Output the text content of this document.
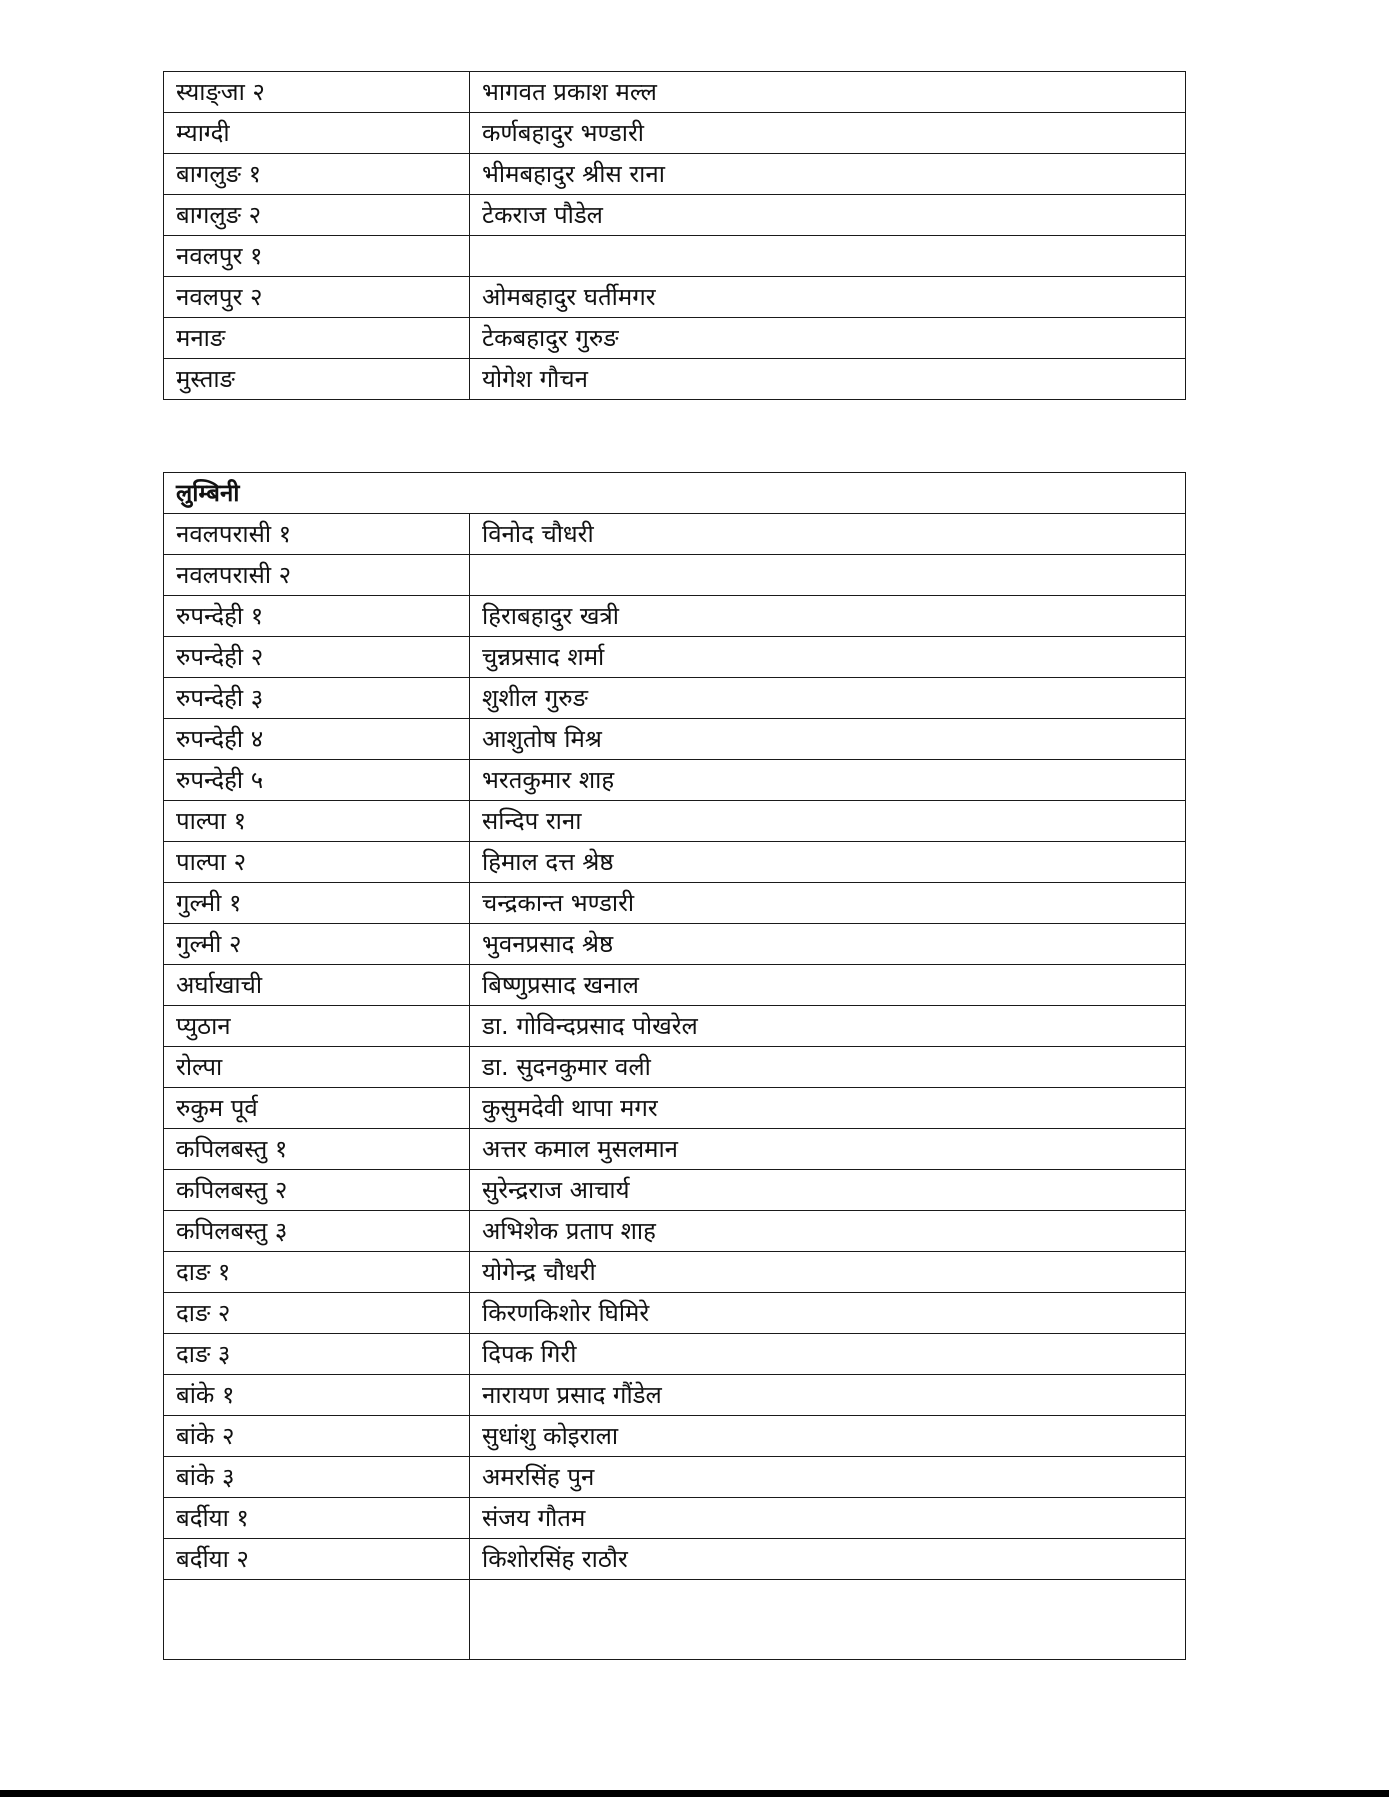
स्याङ्जा २	भागवत प्रकाश मल्ल
म्याग्दी	कर्णबहादुर भण्डारी
बागलुङ १	भीमबहादुर श्रीस राना
बागलुङ २	टेकराज पौडेल
नवलपुर १	
नवलपुर २	ओमबहादुर घर्तीमगर
मनाङ	टेकबहादुर गुरुङ
मुस्ताङ	योगेश गौचन
लुम्बिनी	
नवलपरासी १	विनोद चौधरी
नवलपरासी २	
रुपन्देही १	हिराबहादुर खत्री
रुपन्देही २	चुन्नप्रसाद शर्मा
रुपन्देही ३	शुशील गुरुङ
रुपन्देही ४	आशुतोष मिश्र
रुपन्देही ५	भरतकुमार शाह
पाल्पा १	सन्दिप राना
पाल्पा २	हिमाल दत्त श्रेष्ठ
गुल्मी १	चन्द्रकान्त भण्डारी
गुल्मी २	भुवनप्रसाद श्रेष्ठ
अर्घाखाची	बिष्णुप्रसाद खनाल
प्युठान	डा. गोविन्दप्रसाद पोखरेल
रोल्पा	डा. सुदनकुमार वली
रुकुम पूर्व	कुसुमदेवी थापा मगर
कपिलबस्तु १	अत्तर कमाल मुसलमान
कपिलबस्तु २	सुरेन्द्रराज आचार्य
कपिलबस्तु ३	अभिशेक प्रताप शाह
दाङ १	योगेन्द्र चौधरी
दाङ २	किरणकिशोर घिमिरे
दाङ ३	दिपक गिरी
बांके १	नारायण प्रसाद गौंडेल
बांके २	सुधांशु कोइराला
बांके ३	अमरसिंह पुन
बर्दीया १	संजय गौतम
बर्दीया २	किशोरसिंह राठौर
